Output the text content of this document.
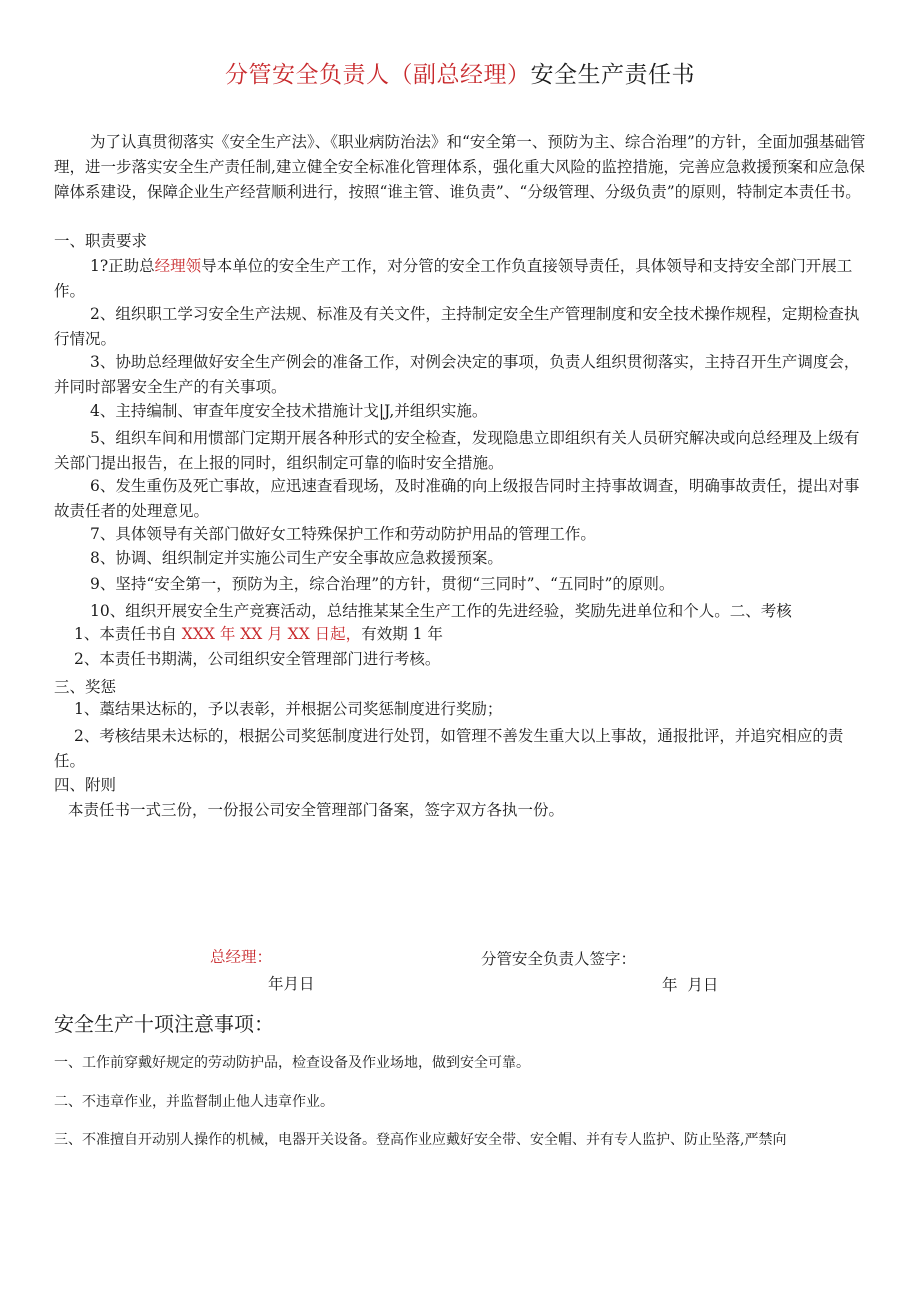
分管安全负责人（副总经理）安全生产责任书

为了认真贯彻落实《安全生产法》、《职业病防治法》和“安全第一、预防为主、综合治理”的方针，全面加强基础管理，进一步落实安全生产责任制,建立健全安全标准化管理体系，强化重大风险的监控措施，完善应急救援预案和应急保障体系建设，保障企业生产经营顺利进行，按照“谁主管、谁负责”、“分级管理、分级负责”的原则，特制定本责任书。

一、职责要求

1?正助总经理领导本单位的安全生产工作，对分管的安全工作负直接领导责任，具体领导和支持安全部门开展工作。

2、组织职工学习安全生产法规、标准及有关文件，主持制定安全生产管理制度和安全技术操作规程，定期检查执行情况。

3、协助总经理做好安全生产例会的准备工作，对例会决定的事项，负责人组织贯彻落实，主持召开生产调度会，并同时部署安全生产的有关事项。

4、主持编制、审查年度安全技术措施计戈|J,并组织实施。

5、组织车间和用惯部门定期开展各种形式的安全检查，发现隐患立即组织有关人员研究解决或向总经理及上级有关部门提出报告，在上报的同时，组织制定可靠的临时安全措施。

6、发生重伤及死亡事故，应迅速查看现场，及时准确的向上级报告同时主持事故调查，明确事故责任，提出对事故责任者的处理意见。

7、具体领导有关部门做好女工特殊保护工作和劳动防护用品的管理工作。

8、协调、组织制定并实施公司生产安全事故应急救援预案。

9、坚持“安全第一，预防为主，综合治理”的方针，贯彻“三同时”、“五同时”的原则。

10、组织开展安全生产竞赛活动，总结推某某全生产工作的先进经验，奖励先进单位和个人。二、考核

1、本责任书自 XXX 年 XX 月 XX 日起，有效期 1 年

2、本责任书期满，公司组织安全管理部门进行考核。

三、奖惩

1、藁结果达标的，予以表彰，并根据公司奖惩制度进行奖励；

2、考核结果未达标的，根据公司奖惩制度进行处罚，如管理不善发生重大以上事故，通报批评，并追究相应的责任。

四、附则

本责任书一式三份，一份报公司安全管理部门备案，签字双方各执一份。

总经理：
年月日
分管安全负责人签字：
年  月日
安全生产十项注意事项：
一、工作前穿戴好规定的劳动防护品，检查设备及作业场地，做到安全可靠。
二、不违章作业，并监督制止他人违章作业。
三、不准擅自开动别人操作的机械，电器开关设备。登高作业应戴好安全带、安全帽、并有专人监护、防止坠落,严禁向
